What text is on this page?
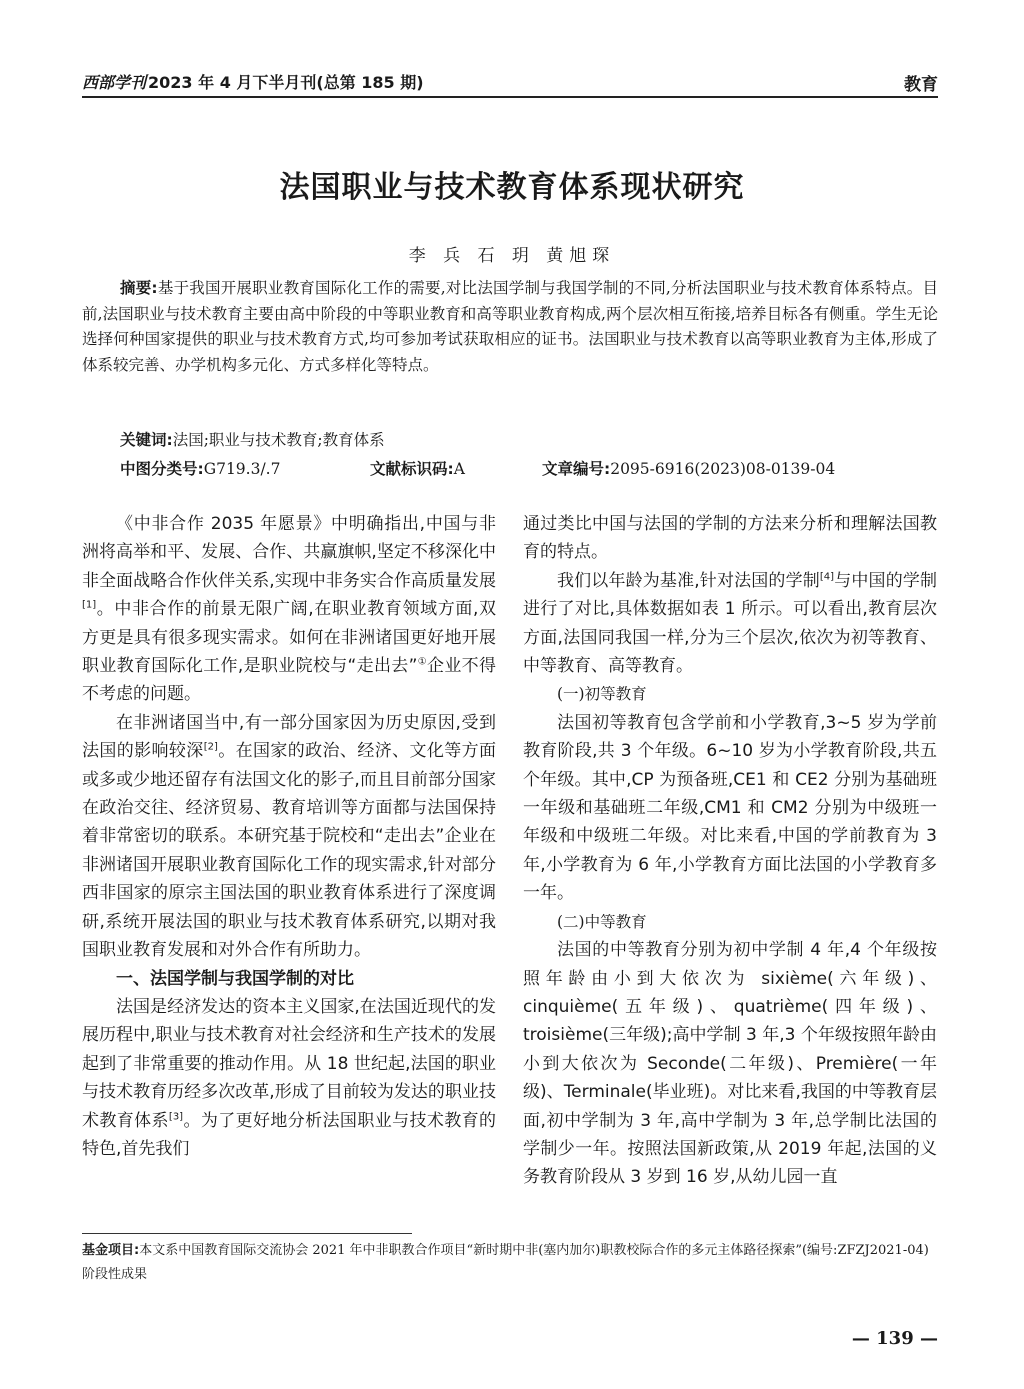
西部学刊 2023 年 4 月下半月刊(总第 185 期)	教育
法国职业与技术教育体系现状研究
李 兵 石 玥 黄旭琛
摘要:基于我国开展职业教育国际化工作的需要,对比法国学制与我国学制的不同,分析法国职业与技术教育体系特点。目前,法国职业与技术教育主要由高中阶段的中等职业教育和高等职业教育构成,两个层次相互衔接,培养目标各有侧重。学生无论选择何种国家提供的职业与技术教育方式,均可参加考试获取相应的证书。法国职业与技术教育以高等职业教育为主体,形成了体系较完善、办学机构多元化、方式多样化等特点。
关键词:法国;职业与技术教育;教育体系
中图分类号:G719.3/.7	文献标识码:A	文章编号:2095-6916(2023)08-0139-04

《中非合作 2035 年愿景》中明确指出,中国与非洲将高举和平、发展、合作、共赢旗帜,坚定不移深化中非全面战略合作伙伴关系,实现中非务实合作高质量发展[1]。中非合作的前景无限广阔,在职业教育领域方面,双方更是具有很多现实需求。如何在非洲诸国更好地开展职业教育国际化工作,是职业院校与“走出去”①企业不得不考虑的问题。

在非洲诸国当中,有一部分国家因为历史原因,受到法国的影响较深[2]。在国家的政治、经济、文化等方面或多或少地还留存有法国文化的影子,而且目前部分国家在政治交往、经济贸易、教育培训等方面都与法国保持着非常密切的联系。本研究基于院校和“走出去”企业在非洲诸国开展职业教育国际化工作的现实需求,针对部分西非国家的原宗主国法国的职业教育体系进行了深度调研,系统开展法国的职业与技术教育体系研究,以期对我国职业教育发展和对外合作有所助力。

一、法国学制与我国学制的对比

法国是经济发达的资本主义国家,在法国近现代的发展历程中,职业与技术教育对社会经济和生产技术的发展起到了非常重要的推动作用。从 18 世纪起,法国的职业与技术教育历经多次改革,形成了目前较为发达的职业技术教育体系[3]。为了更好地分析法国职业与技术教育的特色,首先我们

通过类比中国与法国的学制的方法来分析和理解法国教育的特点。

我们以年龄为基准,针对法国的学制[4]与中国的学制进行了对比,具体数据如表 1 所示。可以看出,教育层次方面,法国同我国一样,分为三个层次,依次为初等教育、中等教育、高等教育。

(一)初等教育

法国初等教育包含学前和小学教育,3~5 岁为学前教育阶段,共 3 个年级。6~10 岁为小学教育阶段,共五个年级。其中,CP 为预备班,CE1 和 CE2 分别为基础班一年级和基础班二年级,CM1 和 CM2 分别为中级班一年级和中级班二年级。对比来看,中国的学前教育为 3 年,小学教育为 6 年,小学教育方面比法国的小学教育多一年。

(二)中等教育

法国的中等教育分别为初中学制 4 年,4 个年级按照年龄由小到大依次为 sixième(六年级)、cinquième(五年级)、quatrième(四年级)、troisième(三年级);高中学制 3 年,3 个年级按照年龄由小到大依次为 Seconde(二年级)、Première(一年级)、Terminale(毕业班)。对比来看,我国的中等教育层面,初中学制为 3 年,高中学制为 3 年,总学制比法国的学制少一年。按照法国新政策,从 2019 年起,法国的义务教育阶段从 3 岁到 16 岁,从幼儿园一直

基金项目:本文系中国教育国际交流协会 2021 年中非职教合作项目“新时期中非(塞内加尔)职教校际合作的多元主体路径探索”(编号:ZFZJ2021-04)阶段性成果
— 139 —
